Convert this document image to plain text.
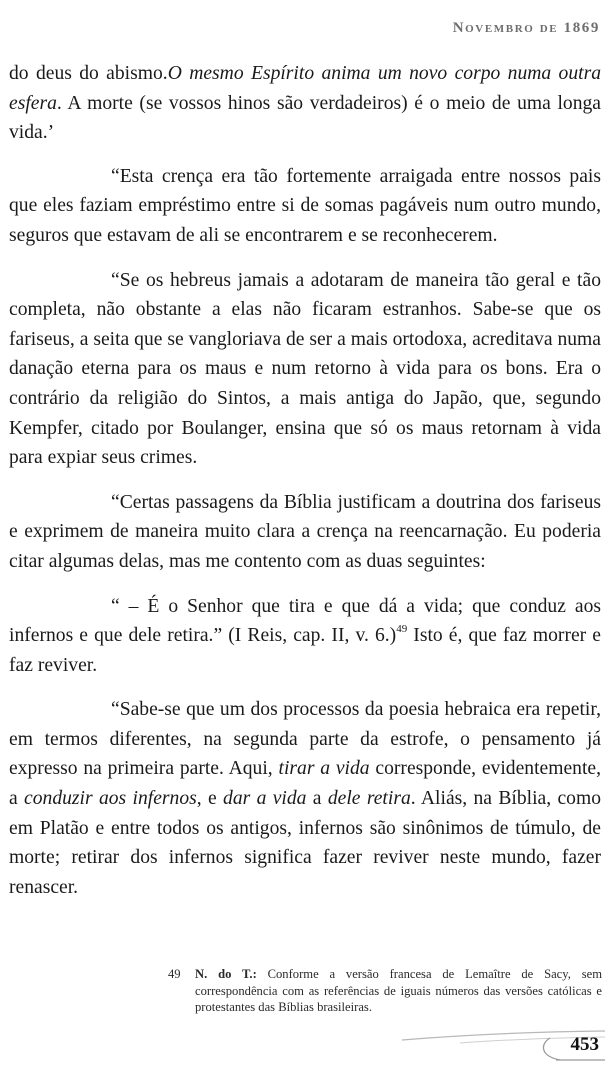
Novembro de 1869

do deus do abismo.O mesmo Espírito anima um novo corpo numa outra esfera. A morte (se vossos hinos são verdadeiros) é o meio de uma longa vida.’

“Esta crença era tão fortemente arraigada entre nossos pais que eles faziam empréstimo entre si de somas pagáveis num outro mundo, seguros que estavam de ali se encontrarem e se reconhecerem.

“Se os hebreus jamais a adotaram de maneira tão geral e tão completa, não obstante a elas não ficaram estranhos. Sabe-se que os fariseus, a seita que se vangloriava de ser a mais ortodoxa, acreditava numa danação eterna para os maus e num retorno à vida para os bons. Era o contrário da religião do Sintos, a mais antiga do Japão, que, segundo Kempfer, citado por Boulanger, ensina que só os maus retornam à vida para expiar seus crimes.

“Certas passagens da Bíblia justificam a doutrina dos fariseus e exprimem de maneira muito clara a crença na reencarnação. Eu poderia citar algumas delas, mas me contento com as duas seguintes:

“ – É o Senhor que tira e que dá a vida; que conduz aos infernos e que dele retira.” (I Reis, cap. II, v. 6.)$^{49}$ Isto é, que faz morrer e faz reviver.

“Sabe-se que um dos processos da poesia hebraica era repetir, em termos diferentes, na segunda parte da estrofe, o pensamento já expresso na primeira parte. Aqui, tirar a vida corresponde, evidentemente, a conduzir aos infernos, e dar a vida a dele retira. Aliás, na Bíblia, como em Platão e entre todos os antigos, infernos são sinônimos de túmulo, de morte; retirar dos infernos significa fazer reviver neste mundo, fazer renascer.

49 N. do T.: Conforme a versão francesa de Lemaître de Sacy, sem correspondência com as referências de iguais números das versões católicas e protestantes das Bíblias brasileiras.
453
